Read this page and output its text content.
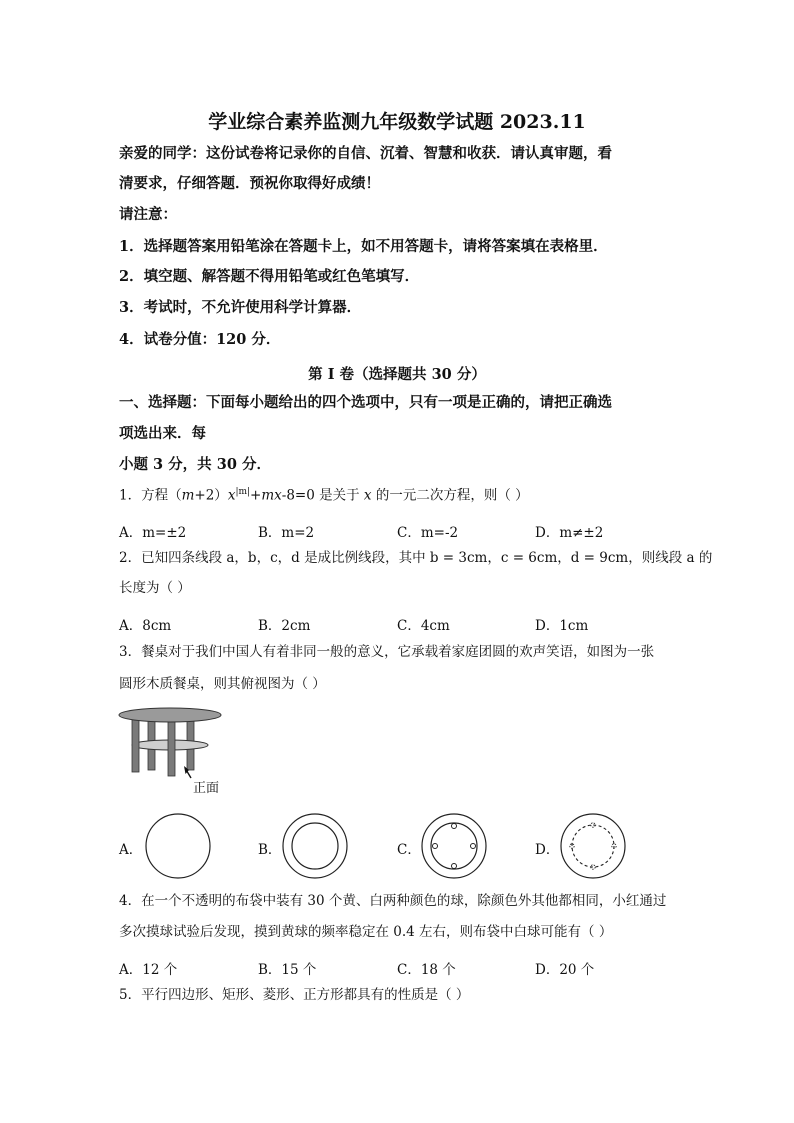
学业综合素养监测九年级数学试题 2023.11
亲爱的同学：这份试卷将记录你的自信、沉着、智慧和收获．请认真审题，看
清要求，仔细答题．预祝你取得好成绩！
请注意：
1．选择题答案用铅笔涂在答题卡上，如不用答题卡，请将答案填在表格里．
2．填空题、解答题不得用铅笔或红色笔填写．
3．考试时，不允许使用科学计算器．
4．试卷分值：120 分．
第 I 卷（选择题共 30 分）
一、选择题：下面每小题给出的四个选项中，只有一项是正确的，请把正确选
项选出来．每
小题 3 分，共 30 分．
1．方程$(m+2)x^{|m|}+mx-8=0$ 是关于 x 的一元二次方程，则（ ）
A．m=±2	B．m=2	C．m=-2	D．m≠±2
2．已知四条线段 a，b，c，d 是成比例线段，其中 b = 3cm，c = 6cm，d = 9cm，则线段 a 的
长度为（ ）
A．8cm	B．2cm	C．4cm	D．1cm
3．餐桌对于我们中国人有着非同一般的意义，它承载着家庭团圆的欢声笑语，如图为一张
圆形木质餐桌，则其俯视图为（ ）
正面
A．	B．	C．	D．
4．在一个不透明的布袋中装有 30 个黄、白两种颜色的球，除颜色外其他都相同，小红通过
多次摸球试验后发现，摸到黄球的频率稳定在 0.4 左右，则布袋中白球可能有（ ）
A．12 个	B．15 个	C．18 个	D．20 个
5．平行四边形、矩形、菱形、正方形都具有的性质是（ ）
